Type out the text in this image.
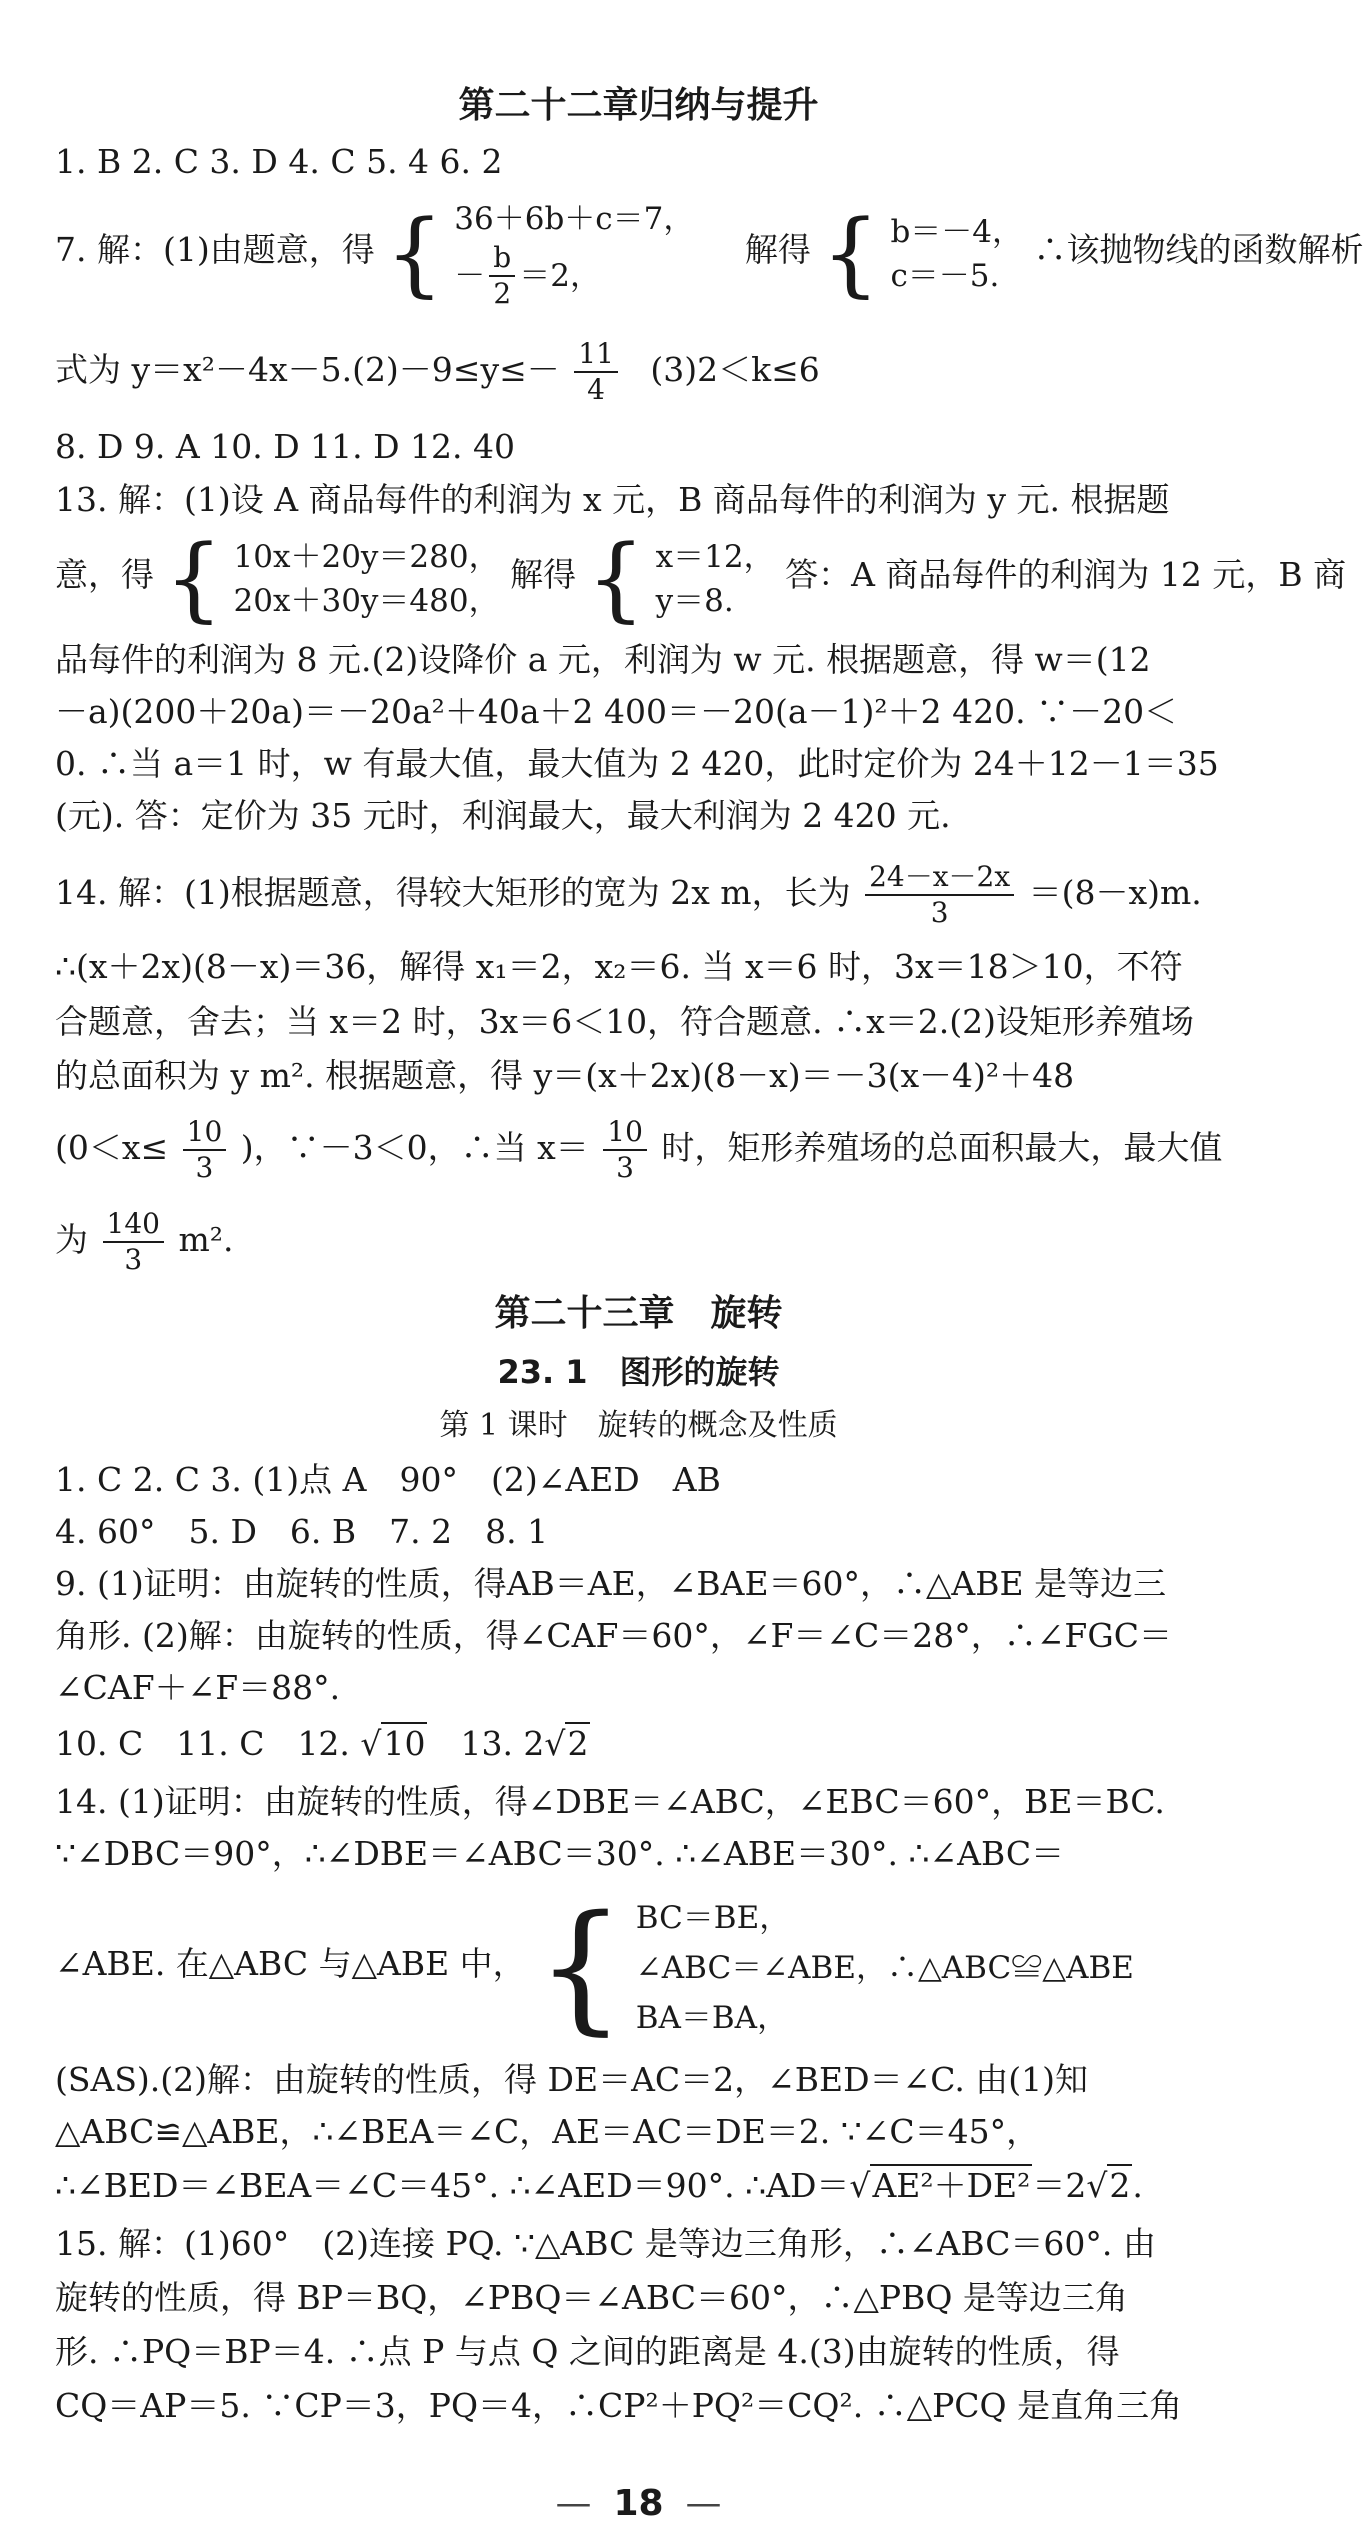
第二十二章归纳与提升
1. B 2. C 3. D 4. C 5. 4 6. 2
7. 解：(1)由题意，得 { 36＋6b＋c＝7，
－ $\frac{b}{2} =2$，
解得 { b＝－4，
c＝－5.
∴该抛物线的函数解析
式为 $y=x^2-4x-5.(2)-9\le y\le- \frac{11}{4} (3)2<k\le 6$
8. D 9. A 10. D 11. D 12. 40
13. 解：(1)设 A 商品每件的利润为 x 元，B 商品每件的利润为 y 元. 根据题
意，得 { 10x＋20y＝280，
20x＋30y＝480，
解得 { x＝12，
y＝8.
答：A 商品每件的利润为 12 元，B 商
品每件的利润为 8 元.(2)设降价 a 元，利润为 w 元. 根据题意，得 w＝(12
－a)(200＋20a)＝－20a²＋40a＋2 400＝－20(a－1)²＋2 420. ∵－20＜
0. ∴当 a＝1 时，w 有最大值，最大值为 2 420，此时定价为 24＋12－1＝35
(元). 答：定价为 35 元时，利润最大，最大利润为 2 420 元.
14. 解：(1)根据题意，得较大矩形的宽为 2x m，长为 $\frac{24-x-2x}{3} =(8-x)m$.
∴(x＋2x)(8－x)＝36，解得 x₁＝2，x₂＝6. 当 x＝6 时，3x＝18＞10，不符
合题意，舍去；当 x＝2 时，3x＝6＜10，符合题意. ∴x＝2.(2)设矩形养殖场
的总面积为 y m². 根据题意，得 y＝(x＋2x)(8－x)＝－3(x－4)²＋48
($0<x\le \frac{10}{3}$ )，∵－3＜0，∴当 $x= \frac{10}{3}$ 时，矩形养殖场的总面积最大，最大值
为 $\frac{140}{3} m^2$.
第二十三章　旋转
23. 1　图形的旋转
第 1 课时　旋转的概念及性质
1. C 2. C 3. (1)点 A　90°　(2)∠AED　AB
4. 60°　5. D　6. B　7. 2　8. 1
9. (1)证明：由旋转的性质，得AB＝AE，∠BAE＝60°，∴△ABE 是等边三
角形. (2)解：由旋转的性质，得∠CAF＝60°，∠F＝∠C＝28°，∴∠FGC＝
∠CAF＋∠F＝88°.
10. C　11. C　12. √10　13. 2√2
14. (1)证明：由旋转的性质，得∠DBE＝∠ABC，∠EBC＝60°，BE＝BC.
∵∠DBC＝90°，∴∠DBE＝∠ABC＝30°. ∴∠ABE＝30°. ∴∠ABC＝
∠ABE. 在△ABC 与△ABE 中， { BC＝BE，
∠ABC＝∠ABE，∴△ABC≌△ABE
BA＝BA，
(SAS).(2)解：由旋转的性质，得 DE＝AC＝2，∠BED＝∠C. 由(1)知
△ABC≌△ABE，∴∠BEA＝∠C，AE＝AC＝DE＝2. ∵∠C＝45°，
∴∠BED＝∠BEA＝∠C＝45°. ∴∠AED＝90°. ∴AD＝√AE²＋DE²＝2√2.
15. 解：(1)60°　(2)连接 PQ. ∵△ABC 是等边三角形，∴∠ABC＝60°. 由
旋转的性质，得 BP＝BQ，∠PBQ＝∠ABC＝60°，∴△PBQ 是等边三角
形. ∴PQ＝BP＝4. ∴点 P 与点 Q 之间的距离是 4.(3)由旋转的性质，得
CQ＝AP＝5. ∵CP＝3，PQ＝4，∴CP²＋PQ²＝CQ². ∴△PCQ 是直角三角
— 18 —
